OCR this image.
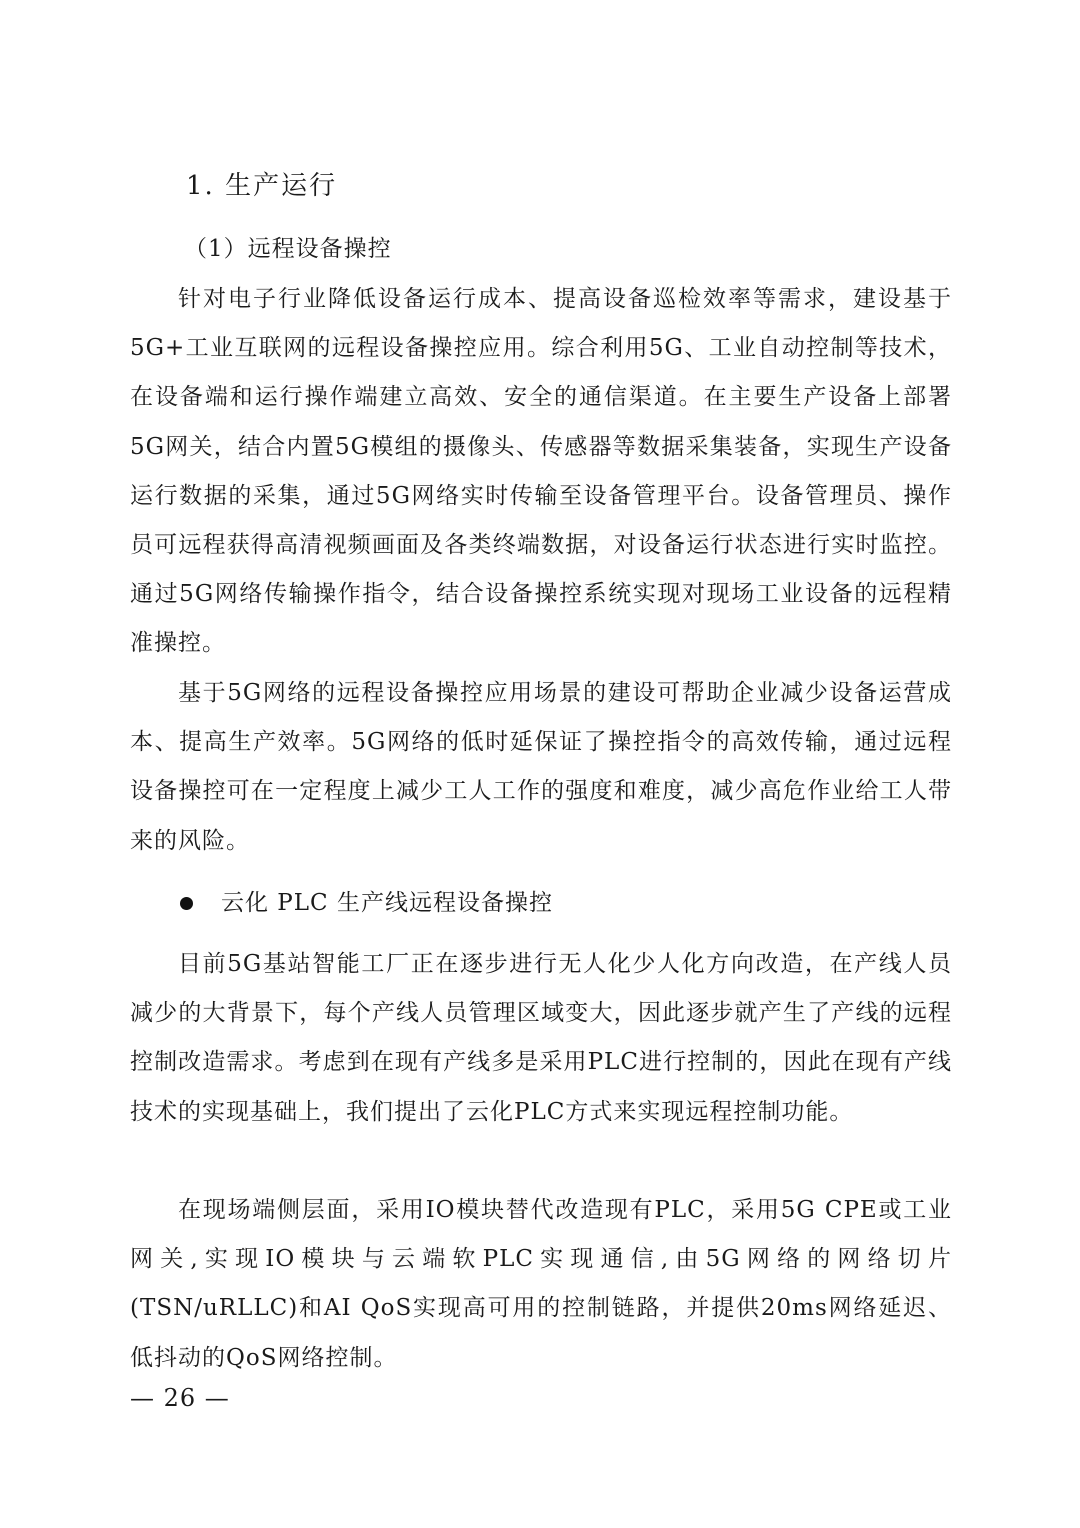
1. 生产运行
（1）远程设备操控

针对电子行业降低设备运行成本、提高设备巡检效率等需求，建设基于5G+工业互联网的远程设备操控应用。综合利用5G、工业自动控制等技术，在设备端和运行操作端建立高效、安全的通信渠道。在主要生产设备上部署5G网关，结合内置5G模组的摄像头、传感器等数据采集装备，实现生产设备运行数据的采集，通过5G网络实时传输至设备管理平台。设备管理员、操作员可远程获得高清视频画面及各类终端数据，对设备运行状态进行实时监控。通过5G网络传输操作指令，结合设备操控系统实现对现场工业设备的远程精准操控。

基于5G网络的远程设备操控应用场景的建设可帮助企业减少设备运营成本、提高生产效率。5G网络的低时延保证了操控指令的高效传输，通过远程设备操控可在一定程度上减少工人工作的强度和难度，减少高危作业给工人带来的风险。

云化 PLC 生产线远程设备操控

目前5G基站智能工厂正在逐步进行无人化少人化方向改造，在产线人员减少的大背景下，每个产线人员管理区域变大，因此逐步就产生了产线的远程控制改造需求。考虑到在现有产线多是采用PLC进行控制的，因此在现有产线技术的实现基础上，我们提出了云化PLC方式来实现远程控制功能。

在现场端侧层面，采用IO模块替代改造现有PLC，采用5G CPE或工业网关,实现IO模块与云端软PLC实现通信,由5G网络的网络切片(TSN/uRLLC)和AI QoS实现高可用的控制链路，并提供20ms网络延迟、低抖动的QoS网络控制。

— 26 —
